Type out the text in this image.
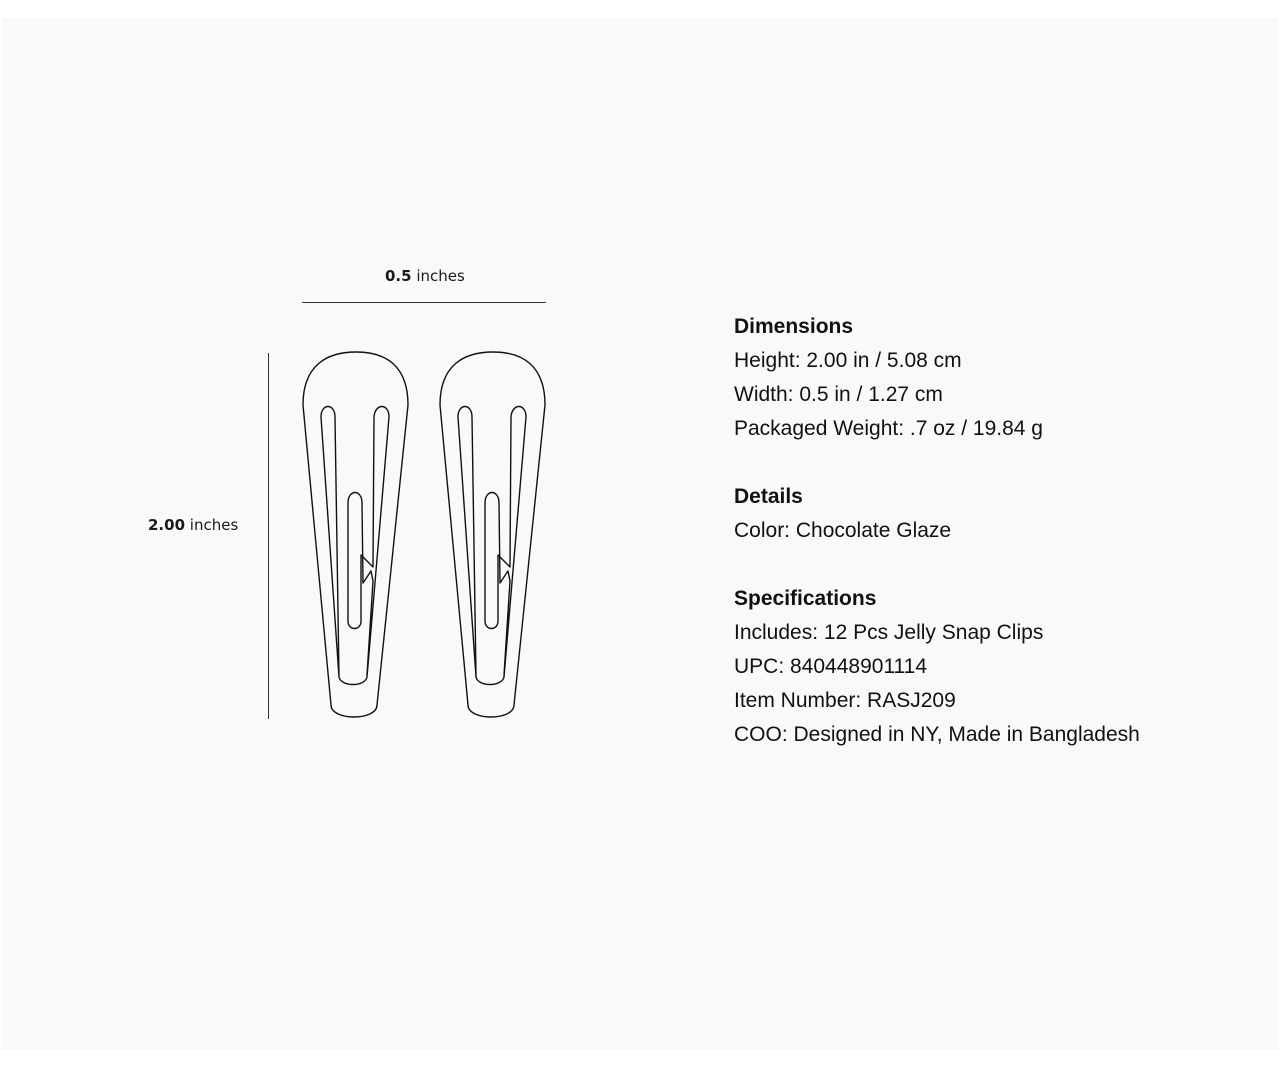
0.5 inches
2.00 inches
Dimensions
Height: 2.00 in / 5.08 cm
Width: 0.5 in / 1.27 cm
Packaged Weight: .7 oz / 19.84 g
Details
Color: Chocolate Glaze
Specifications
Includes: 12 Pcs Jelly Snap Clips
UPC: 840448901114
Item Number: RASJ209
COO: Designed in NY, Made in Bangladesh
